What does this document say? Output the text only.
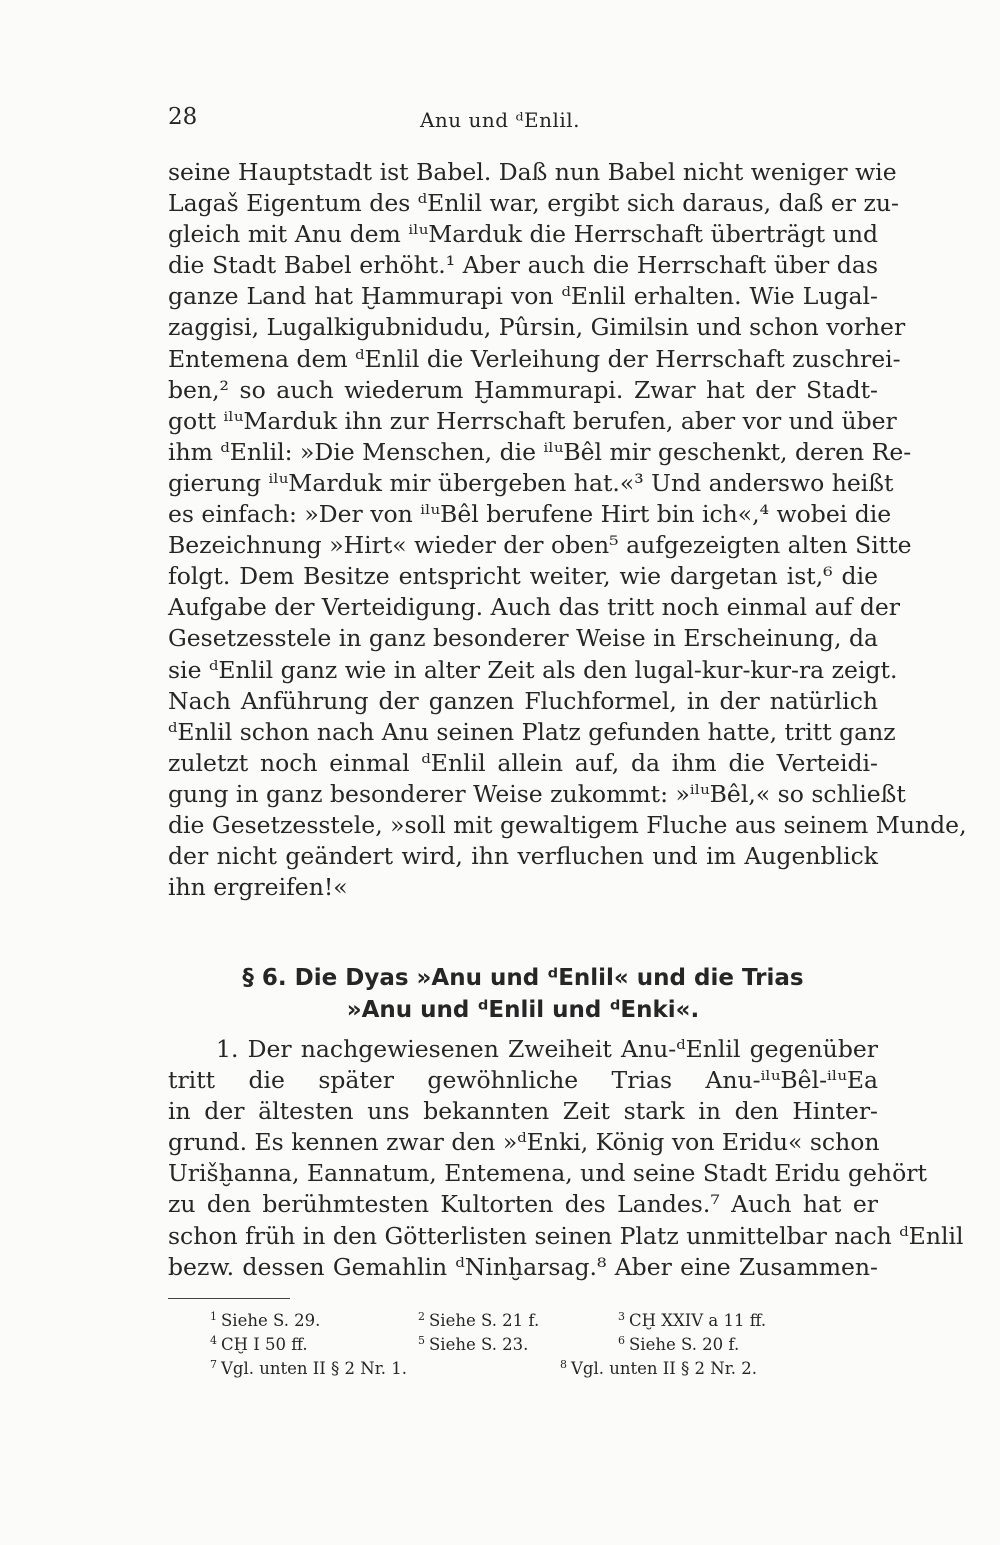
28	Anu und ᵈEnlil.
seine Hauptstadt ist Babel. Daß nun Babel nicht weniger wie
Lagaš Eigentum des ᵈEnlil war, ergibt sich daraus, daß er zu-
gleich mit Anu dem ⁱˡᵘMarduk die Herrschaft überträgt und
die Stadt Babel erhöht.¹ Aber auch die Herrschaft über das
ganze Land hat Ḫammurapi von ᵈEnlil erhalten. Wie Lugal-
zaggisi, Lugalkigubnidudu, Pûrsin, Gimilsin und schon vorher
Entemena dem ᵈEnlil die Verleihung der Herrschaft zuschrei-
ben,² so auch wiederum Ḫammurapi. Zwar hat der Stadt-
gott ⁱˡᵘMarduk ihn zur Herrschaft berufen, aber vor und über
ihm ᵈEnlil: »Die Menschen, die ⁱˡᵘBêl mir geschenkt, deren Re-
gierung ⁱˡᵘMarduk mir übergeben hat.«³ Und anderswo heißt
es einfach: »Der von ⁱˡᵘBêl berufene Hirt bin ich«,⁴ wobei die
Bezeichnung »Hirt« wieder der oben⁵ aufgezeigten alten Sitte
folgt. Dem Besitze entspricht weiter, wie dargetan ist,⁶ die
Aufgabe der Verteidigung. Auch das tritt noch einmal auf der
Gesetzesstele in ganz besonderer Weise in Erscheinung, da
sie ᵈEnlil ganz wie in alter Zeit als den lugal-kur-kur-ra zeigt.
Nach Anführung der ganzen Fluchformel, in der natürlich
ᵈEnlil schon nach Anu seinen Platz gefunden hatte, tritt ganz
zuletzt noch einmal ᵈEnlil allein auf, da ihm die Verteidi-
gung in ganz besonderer Weise zukommt: »ⁱˡᵘBêl,« so schließt
die Gesetzesstele, »soll mit gewaltigem Fluche aus seinem Munde,
der nicht geändert wird, ihn verfluchen und im Augenblick
ihn ergreifen!«
§ 6. Die Dyas »Anu und ᵈEnlil« und die Trias
»Anu und ᵈEnlil und ᵈEnki«.
1. Der nachgewiesenen Zweiheit Anu-ᵈEnlil gegenüber
tritt die später gewöhnliche Trias Anu-ⁱˡᵘBêl-ⁱˡᵘEa
in der ältesten uns bekannten Zeit stark in den Hinter-
grund. Es kennen zwar den »ᵈEnki, König von Eridu« schon
Urišḫanna, Eannatum, Entemena, und seine Stadt Eridu gehört
zu den berühmtesten Kultorten des Landes.⁷ Auch hat er
schon früh in den Götterlisten seinen Platz unmittelbar nach ᵈEnlil
bezw. dessen Gemahlin ᵈNinḫarsag.⁸ Aber eine Zusammen-
$^1$ Siehe S. 29.	$^2$ Siehe S. 21 f.	$^3$ CḪ XXIV a 11 ff.
$^4$ CḪ I 50 ff.	$^5$ Siehe S. 23.	$^6$ Siehe S. 20 f.
$^7$ Vgl. unten II § 2 Nr. 1.	$^8$ Vgl. unten II § 2 Nr. 2.
